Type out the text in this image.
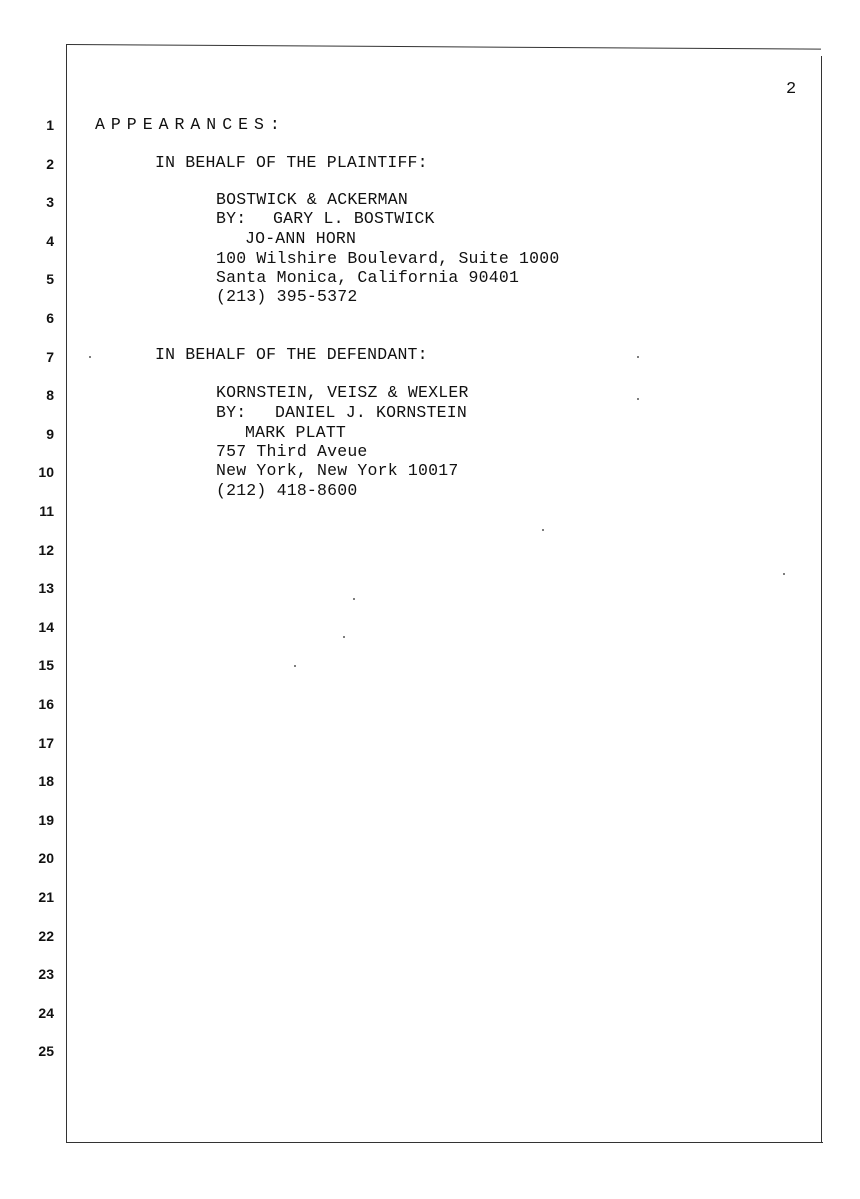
2
1
2
3
4
5
6
7
8
9
10
11
12
13
14
15
16
17
18
19
20
21
22
23
24
25
APPEARANCES:
IN BEHALF OF THE PLAINTIFF:
BOSTWICK & ACKERMAN
BY: GARY L. BOSTWICK
JO-ANN HORN
100 Wilshire Boulevard, Suite 1000
Santa Monica, California 90401
(213) 395-5372
IN BEHALF OF THE DEFENDANT:
KORNSTEIN, VEISZ & WEXLER
BY: DANIEL J. KORNSTEIN
MARK PLATT
757 Third Aveue
New York, New York 10017
(212) 418-8600
